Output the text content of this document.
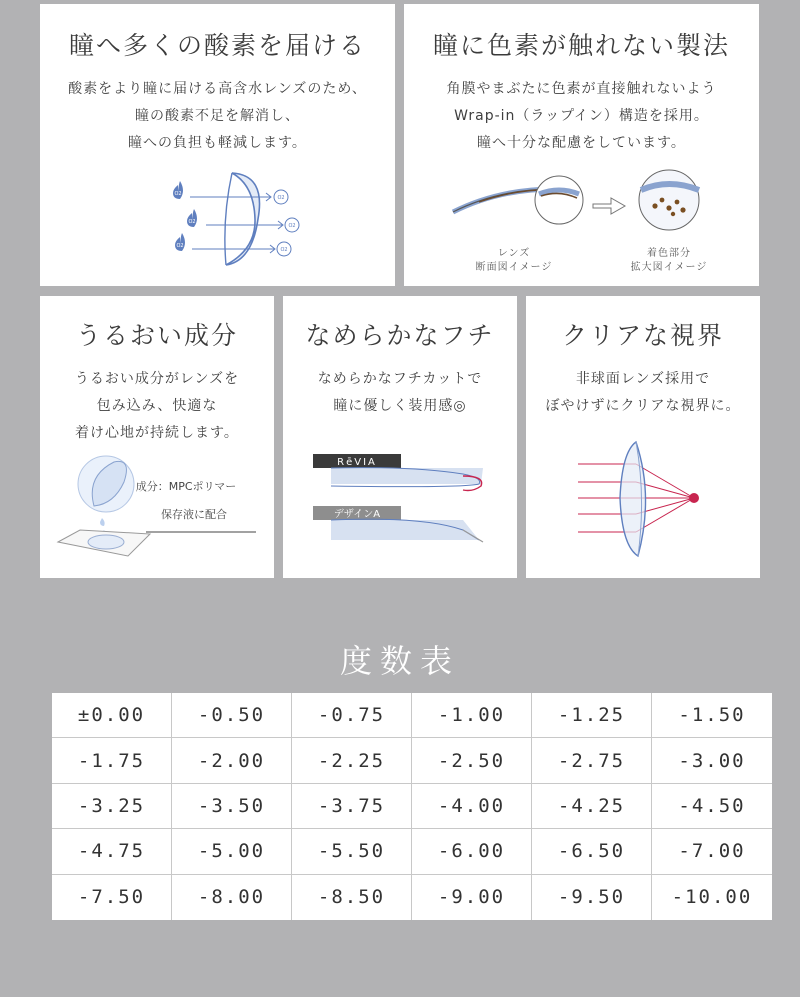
瞳へ多くの酸素を届ける
酸素をより瞳に届ける高含水レンズのため、
瞳の酸素不足を解消し、
瞳への負担も軽減します。
O2
O2
O2
O2
O2
O2
瞳に色素が触れない製法
角膜やまぶたに色素が直接触れないよう
Wrap-in（ラップイン）構造を採用。
瞳へ十分な配慮をしています。
レンズ
断面図イメージ
着色部分
拡大図イメージ
うるおい成分
うるおい成分がレンズを
包み込み、快適な
着け心地が持続します。
成分：MPCポリマー
保存液に配合
なめらかなフチ
なめらかなフチカットで
瞳に優しく装用感◎
RēVIA
デザインA
クリアな視界
非球面レンズ採用で
ぼやけずにクリアな視界に。
度数表
±0.00	-0.50	-0.75	-1.00	-1.25	-1.50
-1.75	-2.00	-2.25	-2.50	-2.75	-3.00
-3.25	-3.50	-3.75	-4.00	-4.25	-4.50
-4.75	-5.00	-5.50	-6.00	-6.50	-7.00
-7.50	-8.00	-8.50	-9.00	-9.50	-10.00
